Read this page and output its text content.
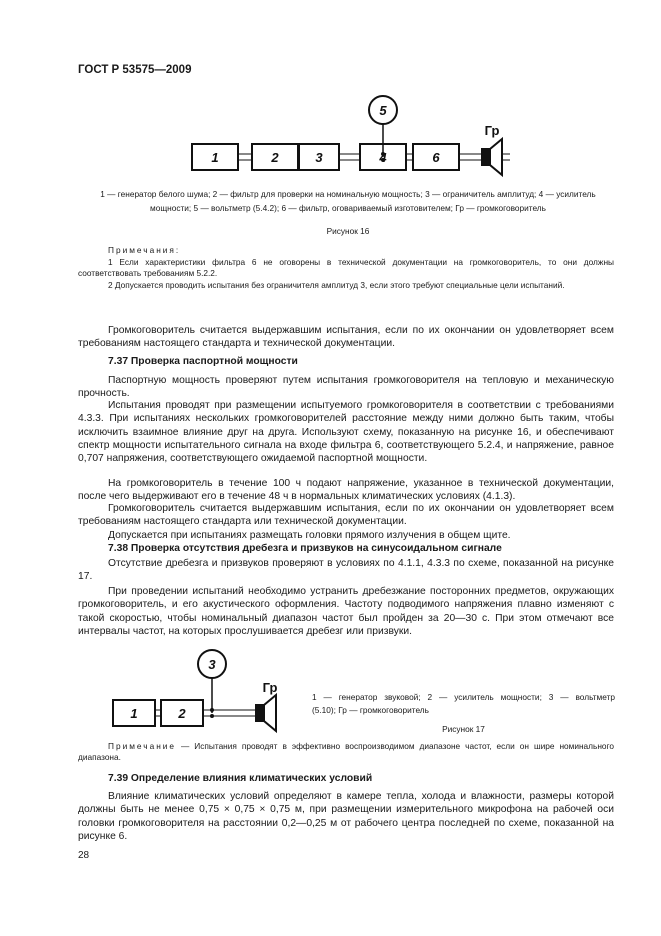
ГОСТ Р 53575—2009
1	2	3	4	6
5
Гр
1 — генератор белого шума; 2 — фильтр для проверки на номинальную мощность; 3 — ограничитель амплитуд; 4 — усилитель
мощности; 5 — вольтметр (5.4.2); 6 — фильтр, оговариваемый изготовителем; Гр — громкоговоритель
Рисунок 16
Примечания:
1 Если характеристики фильтра 6 не оговорены в технической документации на громкоговоритель, то они должны соответствовать требованиям 5.2.2.
2 Допускается проводить испытания без ограничителя амплитуд 3, если этого требуют специальные цели испытаний.
Громкоговоритель считается выдержавшим испытания, если по их окончании он удовлетворяет всем требованиям настоящего стандарта и технической документации.
7.37 Проверка паспортной мощности
Паспортную мощность проверяют путем испытания громкоговорителя на тепловую и механическую прочность.
Испытания проводят при размещении испытуемого громкоговорителя в соответствии с требованиями 4.3.3. При испытаниях нескольких громкоговорителей расстояние между ними должно быть таким, чтобы исключить взаимное влияние друг на друга. Используют схему, показанную на рисунке 16, и обеспечивают спектр мощности испытательного сигнала на входе фильтра 6, соответствующего 5.2.4, и напряжение, равное 0,707 напряжения, соответствующего ожидаемой паспортной мощности.
На громкоговоритель в течение 100 ч подают напряжение, указанное в технической документации, после чего выдерживают его в течение 48 ч в нормальных климатических условиях (4.1.3).
Громкоговоритель считается выдержавшим испытания, если по их окончании он удовлетворяет всем требованиям настоящего стандарта или технической документации.
Допускается при испытаниях размещать головки прямого излучения в общем щите.
7.38 Проверка отсутствия дребезга и призвуков на синусоидальном сигнале
Отсутствие дребезга и призвуков проверяют в условиях по 4.1.1, 4.3.3 по схеме, показанной на рисунке 17.
При проведении испытаний необходимо устранить дребезжание посторонних предметов, окружающих громкоговоритель, и его акустического оформления. Частоту подводимого напряжения плавно изменяют с такой скоростью, чтобы номинальный диапазон частот был пройден за 20—30 с. При этом отмечают все интервалы частот, на которых прослушивается дребезг или призвуки.
1	2
3
Гр
1 — генератор звуковой; 2 — усилитель мощности; 3 — вольтметр
(5.10); Гр — громкоговоритель
Рисунок 17
Примечание — Испытания проводят в эффективно воспроизводимом диапазоне частот, если он шире номинального диапазона.
7.39 Определение влияния климатических условий
Влияние климатических условий определяют в камере тепла, холода и влажности, размеры которой должны быть не менее 0,75 × 0,75 × 0,75 м, при размещении измерительного микрофона на рабочей оси головки громкоговорителя на расстоянии 0,2—0,25 м от рабочего центра последней по схеме, показанной на рисунке 6.
28
